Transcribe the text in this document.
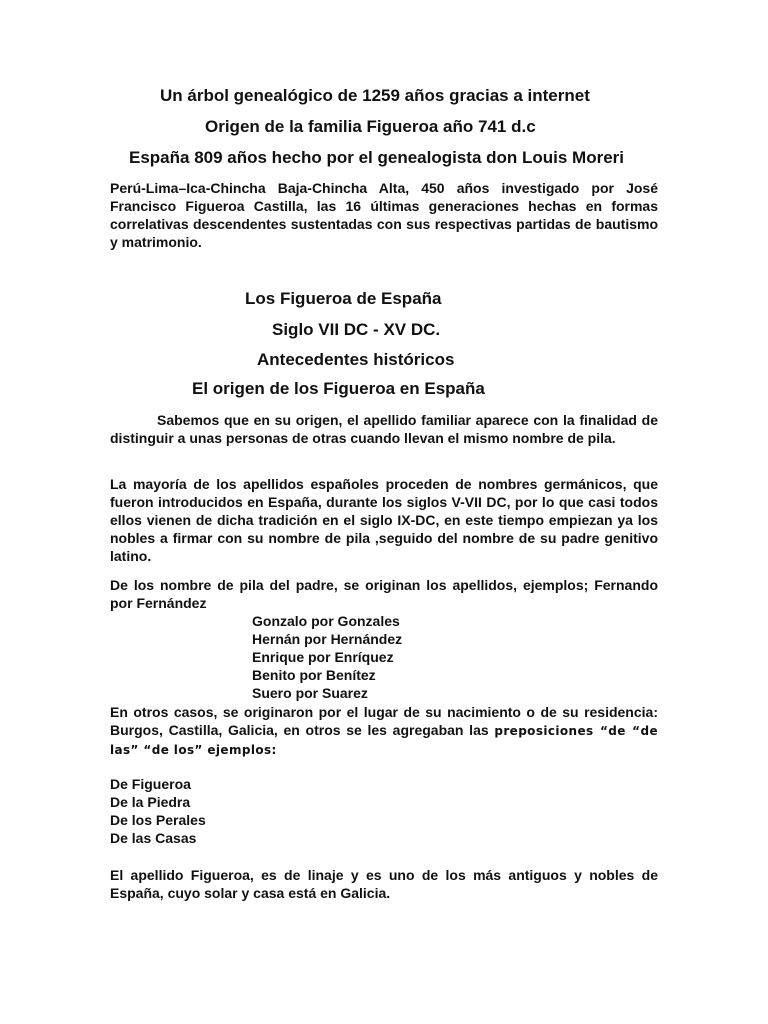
Un árbol genealógico de 1259 años gracias a internet
Origen de la familia Figueroa año 741 d.c
España 809 años hecho por el genealogista don Louis Moreri
Perú-Lima–Ica-Chincha Baja-Chincha Alta, 450 años investigado por José Francisco Figueroa Castilla, las 16 últimas generaciones hechas en formas correlativas descendentes sustentadas con sus respectivas partidas de bautismo y matrimonio.
Los Figueroa de España
Siglo VII DC - XV DC.
Antecedentes históricos
El origen de los Figueroa en España
Sabemos que en su origen, el apellido familiar aparece con la finalidad de distinguir a unas personas de otras cuando llevan el mismo nombre de pila.
La mayoría de los apellidos españoles proceden de nombres germánicos, que fueron introducidos en España, durante los siglos V-VII DC, por lo que casi todos ellos vienen de dicha tradición en el siglo IX-DC, en este tiempo empiezan ya los nobles a firmar con su nombre de pila ,seguido del nombre de su padre genitivo latino.
De los nombre de pila del padre, se originan los apellidos, ejemplos; Fernando por Fernández
Gonzalo por Gonzales
Hernán por Hernández
Enrique por Enríquez
Benito por Benítez
Suero por Suarez
En otros casos, se originaron por el lugar de su nacimiento o de su residencia: Burgos, Castilla, Galicia, en otros se les agregaban las preposiciones “de “de las” “de los” ejemplos:
De Figueroa
De la Piedra
De los Perales
De las Casas
El apellido Figueroa, es de linaje y es uno de los más antiguos y nobles de España, cuyo solar y casa está en Galicia.
